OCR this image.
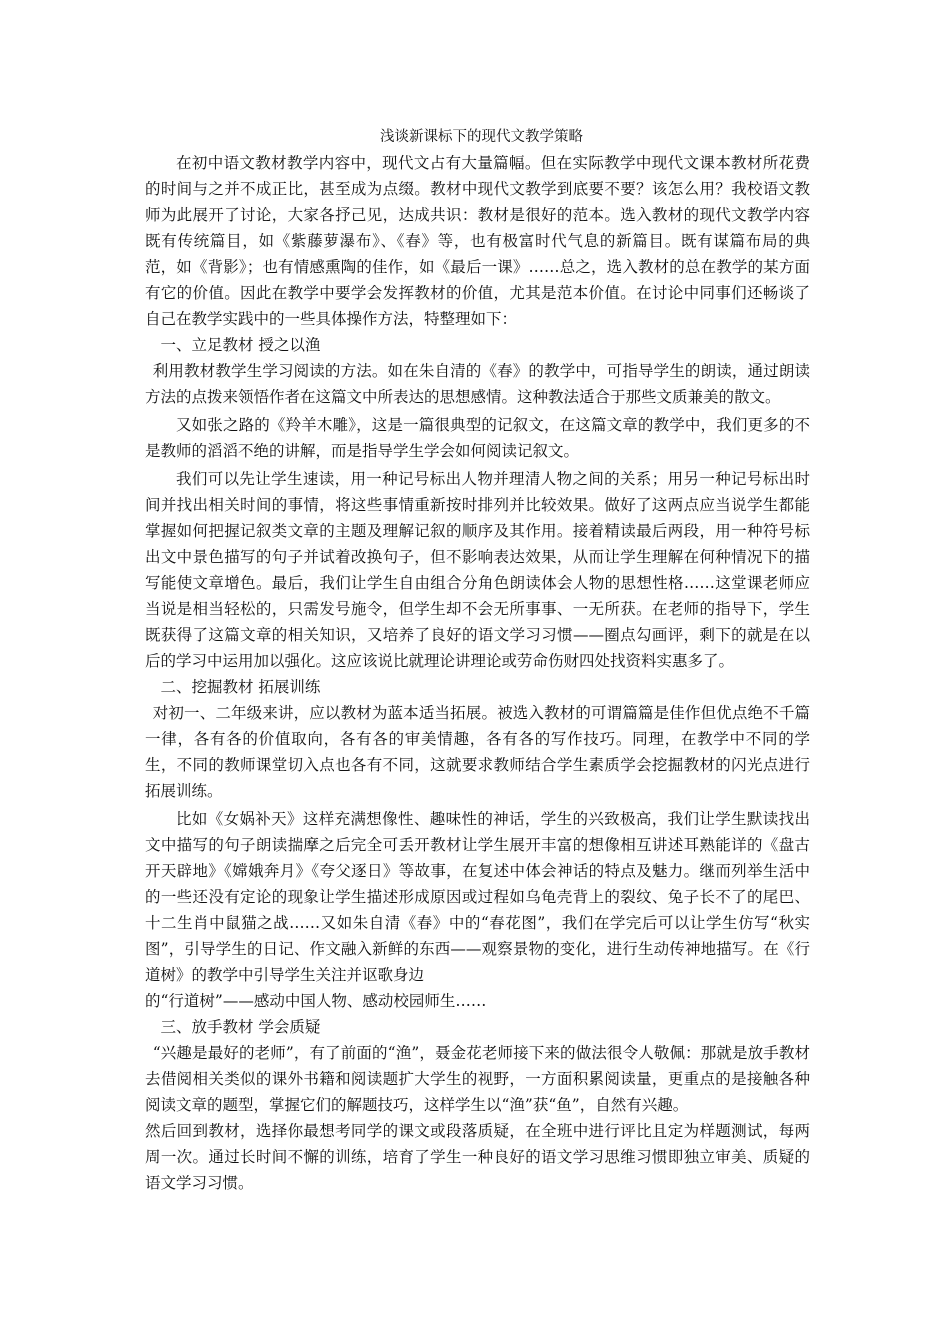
浅谈新课标下的现代文教学策略

在初中语文教材教学内容中，现代文占有大量篇幅。但在实际教学中现代文课本教材所花费的时间与之并不成正比，甚至成为点缀。教材中现代文教学到底要不要？该怎么用？我校语文教师为此展开了讨论，大家各抒己见，达成共识：教材是很好的范本。选入教材的现代文教学内容既有传统篇目，如《紫藤萝瀑布》、《春》等，也有极富时代气息的新篇目。既有谋篇布局的典范，如《背影》；也有情感熏陶的佳作，如《最后一课》……总之，选入教材的总在教学的某方面有它的价值。因此在教学中要学会发挥教材的价值，尤其是范本价值。在讨论中同事们还畅谈了自己在教学实践中的一些具体操作方法，特整理如下：

一、立足教材 授之以渔

利用教材教学生学习阅读的方法。如在朱自清的《春》的教学中，可指导学生的朗读，通过朗读方法的点拨来领悟作者在这篇文中所表达的思想感情。这种教法适合于那些文质兼美的散文。

又如张之路的《羚羊木雕》，这是一篇很典型的记叙文，在这篇文章的教学中，我们更多的不是教师的滔滔不绝的讲解，而是指导学生学会如何阅读记叙文。

我们可以先让学生速读，用一种记号标出人物并理清人物之间的关系；用另一种记号标出时间并找出相关时间的事情，将这些事情重新按时排列并比较效果。做好了这两点应当说学生都能掌握如何把握记叙类文章的主题及理解记叙的顺序及其作用。接着精读最后两段，用一种符号标出文中景色描写的句子并试着改换句子，但不影响表达效果，从而让学生理解在何种情况下的描写能使文章增色。最后，我们让学生自由组合分角色朗读体会人物的思想性格……这堂课老师应当说是相当轻松的，只需发号施令，但学生却不会无所事事、一无所获。在老师的指导下，学生既获得了这篇文章的相关知识，又培养了良好的语文学习习惯——圈点勾画评，剩下的就是在以后的学习中运用加以强化。这应该说比就理论讲理论或劳命伤财四处找资料实惠多了。

二、挖掘教材 拓展训练

对初一、二年级来讲，应以教材为蓝本适当拓展。被选入教材的可谓篇篇是佳作但优点绝不千篇一律，各有各的价值取向，各有各的审美情趣，各有各的写作技巧。同理，在教学中不同的学生，不同的教师课堂切入点也各有不同，这就要求教师结合学生素质学会挖掘教材的闪光点进行拓展训练。

比如《女娲补天》这样充满想像性、趣味性的神话，学生的兴致极高，我们让学生默读找出文中描写的句子朗读揣摩之后完全可丢开教材让学生展开丰富的想像相互讲述耳熟能详的《盘古开天辟地》《嫦娥奔月》《夸父逐日》等故事，在复述中体会神话的特点及魅力。继而列举生活中的一些还没有定论的现象让学生描述形成原因或过程如乌龟壳背上的裂纹、兔子长不了的尾巴、十二生肖中鼠猫之战……又如朱自清《春》中的“春花图”，我们在学完后可以让学生仿写“秋实图”，引导学生的日记、作文融入新鲜的东西——观察景物的变化，进行生动传神地描写。在《行道树》的教学中引导学生关注并讴歌身边

的“行道树”——感动中国人物、感动校园师生……

三、放手教材 学会质疑

“兴趣是最好的老师”，有了前面的“渔”，聂金花老师接下来的做法很令人敬佩：那就是放手教材去借阅相关类似的课外书籍和阅读题扩大学生的视野，一方面积累阅读量，更重点的是接触各种阅读文章的题型，掌握它们的解题技巧，这样学生以“渔”获“鱼”，自然有兴趣。

然后回到教材，选择你最想考同学的课文或段落质疑，在全班中进行评比且定为样题测试，每两周一次。通过长时间不懈的训练，培育了学生一种良好的语文学习思维习惯即独立审美、质疑的语文学习习惯。
